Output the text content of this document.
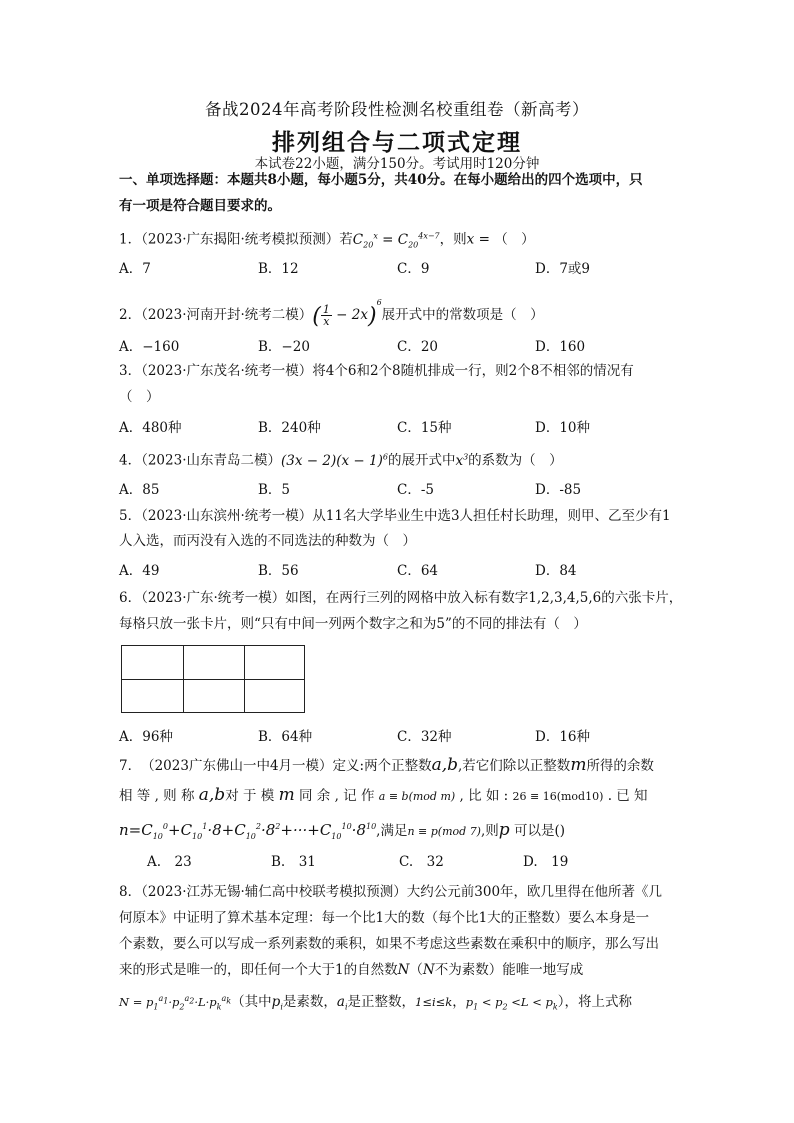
备战2024年高考阶段性检测名校重组卷（新高考）
排列组合与二项式定理
本试卷22小题，满分150分。考试用时120分钟
一、单项选择题：本题共8小题，每小题5分，共40分。在每小题给出的四个选项中，只
有一项是符合题目要求的。
1．（2023·广东揭阳·统考模拟预测）若$C_{20}^x = C_{20}^{4x-7}$，则x = （　）
A．7	B．12	C．9	D．7或9
2．（2023·河南开封·统考二模）( $\frac{1}{x} - 2x)^6$展开式中的常数项是（　）
A．−160	B．−20	C．20	D．160
3．（2023·广东茂名·统考一模）将4个6和2个8随机排成一行，则2个8不相邻的情况有
（　）
A．480种	B．240种	C．15种	D．10种
4．（2023·山东青岛二模）$(3x - 2)(x - 1)^6$的展开式中$x^3$的系数为（　）
A．85	B．5	C．-5	D．-85
5．（2023·山东滨州·统考一模）从11名大学毕业生中选3人担任村长助理，则甲、乙至少有1
人入选，而丙没有入选的不同选法的种数为（　）
A．49	B．56	C．64	D．84
6．（2023·广东·统考一模）如图，在两行三列的网格中放入标有数字1,2,3,4,5,6的六张卡片，
每格只放一张卡片，则“只有中间一列两个数字之和为5”的不同的排法有（　）
A．96种	B．64种	C．32种	D．16种
7．　（2023广东佛山一中4月一模）定义:两个正整数a,b,若它们除以正整数m所得的余数
相 等 , 则 称 a,b对 于 模 m 同 余 , 记 作 a ≡ b(mod m) , 比 如 : 26 ≡ 16(mod10) . 已 知
$n=C_{10}^0+C_{10}^1\cdot 8+C_{10}^2\cdot 8^2+\cdot\cdot\cdot+C_{10}^{10}\cdot 8^{10}$,满足n ≡ p(mod 7),则p 可以是()
A.　23	B.　31	C.　32	D.　19
8．（2023·江苏无锡·辅仁高中校联考模拟预测）大约公元前300年，欧几里得在他所著《几
何原本》中证明了算术基本定理：每一个比1大的数（每个比1大的正整数）要么本身是一
个素数，要么可以写成一系列素数的乘积，如果不考虑这些素数在乘积中的顺序，那么写出
来的形式是唯一的，即任何一个大于1的自然数N（N不为素数）能唯一地写成
$N = p_1^{a_1}\cdot p_2^{a_2}\cdot L\cdot p_k^{a_k}$（其中$p_i$是素数，$a_i$是正整数，1≤i≤k，$p_1 < p_2 <L < p_k$），将上式称
